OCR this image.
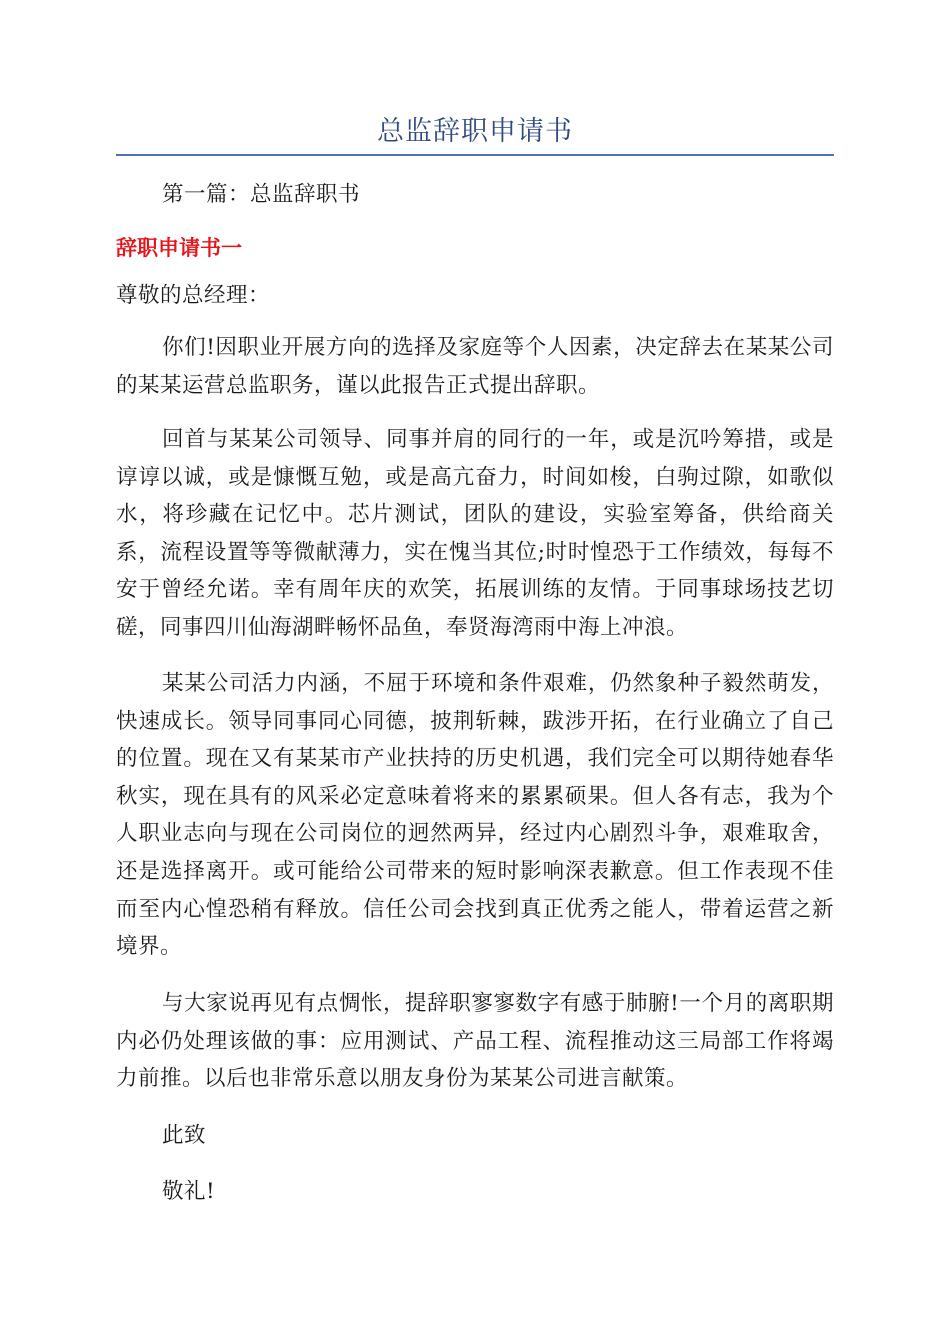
总监辞职申请书

第一篇：总监辞职书

辞职申请书一

尊敬的总经理：

你们!因职业开展方向的选择及家庭等个人因素，决定辞去在某某公司的某某运营总监职务，谨以此报告正式提出辞职。

回首与某某公司领导、同事并肩的同行的一年，或是沉吟筹措，或是谆谆以诚，或是慷慨互勉，或是高亢奋力，时间如梭，白驹过隙，如歌似水，将珍藏在记忆中。芯片测试，团队的建设，实验室筹备，供给商关系，流程设置等等微献薄力，实在愧当其位;时时惶恐于工作绩效，每每不安于曾经允诺。幸有周年庆的欢笑，拓展训练的友情。于同事球场技艺切磋，同事四川仙海湖畔畅怀品鱼，奉贤海湾雨中海上冲浪。

某某公司活力内涵，不屈于环境和条件艰难，仍然象种子毅然萌发，快速成长。领导同事同心同德，披荆斩棘，跋涉开拓，在行业确立了自己的位置。现在又有某某市产业扶持的历史机遇，我们完全可以期待她春华秋实，现在具有的风采必定意味着将来的累累硕果。但人各有志，我为个人职业志向与现在公司岗位的迥然两异，经过内心剧烈斗争，艰难取舍，还是选择离开。或可能给公司带来的短时影响深表歉意。但工作表现不佳而至内心惶恐稍有释放。信任公司会找到真正优秀之能人，带着运营之新境界。

与大家说再见有点惆怅，提辞职寥寥数字有感于肺腑!一个月的离职期内必仍处理该做的事：应用测试、产品工程、流程推动这三局部工作将竭力前推。以后也非常乐意以朋友身份为某某公司进言献策。

此致

敬礼!
